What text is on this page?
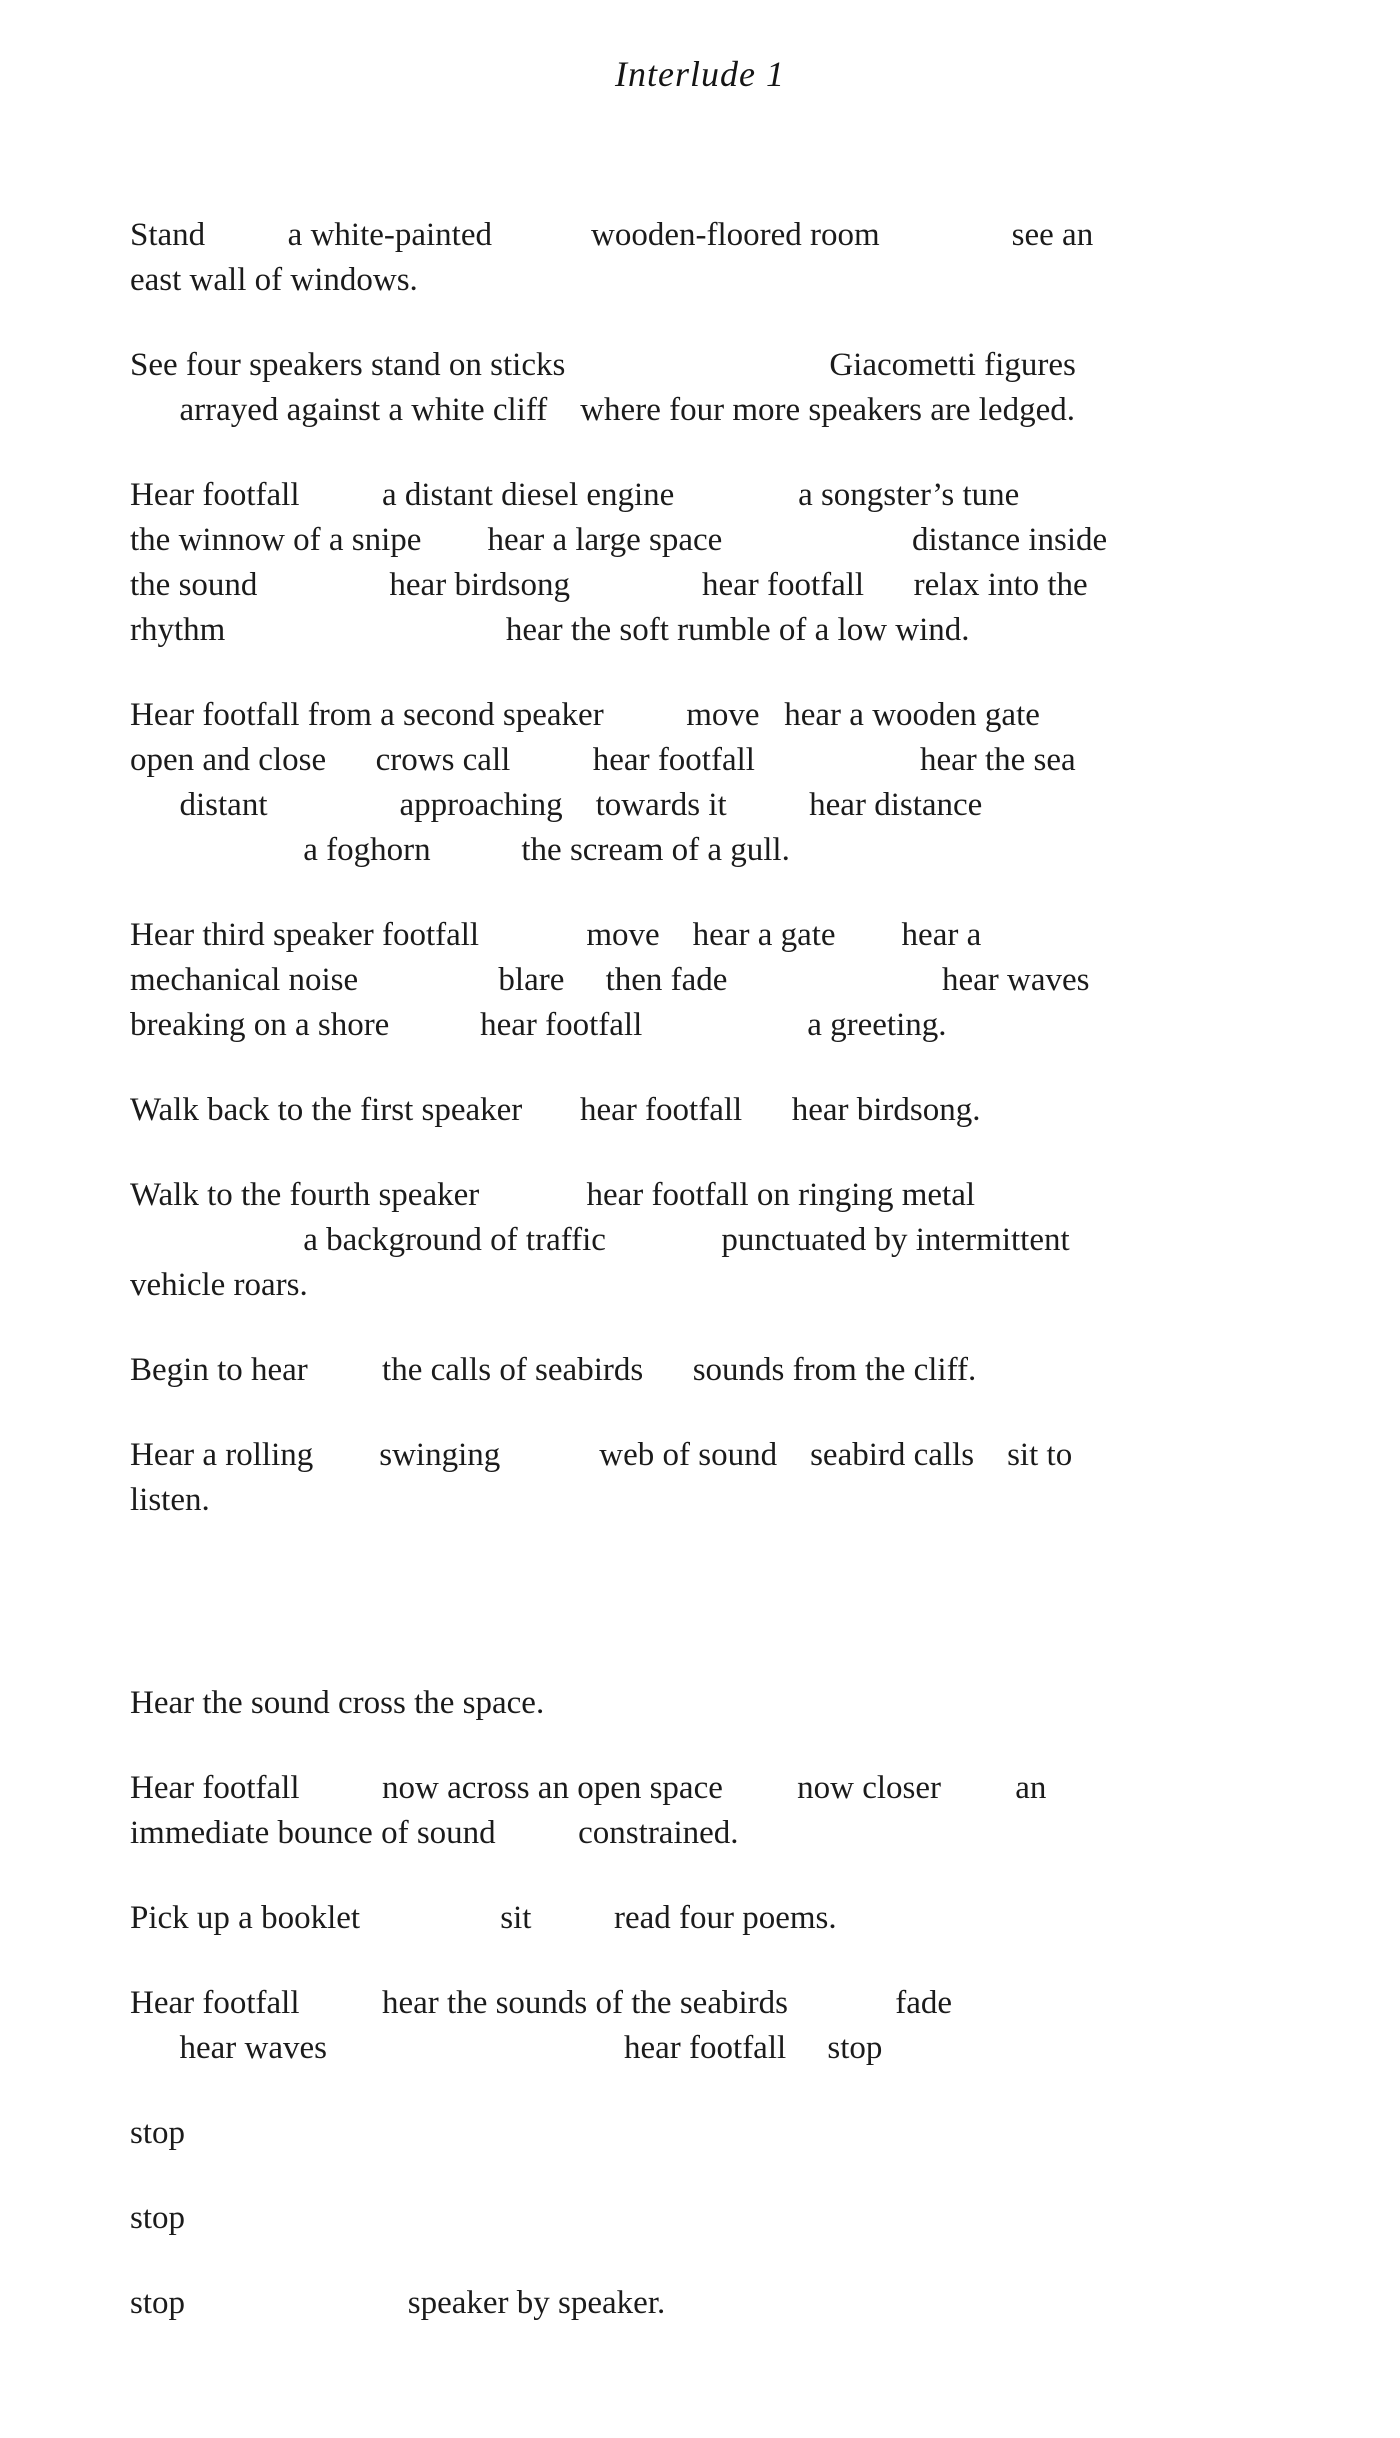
Interlude 1
Stand          a white-painted            wooden-floored room                see an
east wall of windows.
See four speakers stand on sticks                                Giacometti figures
arrayed against a white cliff    where four more speakers are ledged.
Hear footfall          a distant diesel engine               a songster’s tune
the winnow of a snipe        hear a large space                       distance inside
the sound                hear birdsong                hear footfall      relax into the
rhythm                                  hear the soft rumble of a low wind.
Hear footfall from a second speaker          move   hear a wooden gate
open and close      crows call          hear footfall                    hear the sea
distant                approaching    towards it          hear distance
a foghorn           the scream of a gull.
Hear third speaker footfall             move    hear a gate        hear a
mechanical noise                 blare     then fade                          hear waves
breaking on a shore           hear footfall                    a greeting.
Walk back to the first speaker       hear footfall      hear birdsong.
Walk to the fourth speaker             hear footfall on ringing metal
a background of traffic              punctuated by intermittent
vehicle roars.
Begin to hear         the calls of seabirds      sounds from the cliff.
Hear a rolling        swinging            web of sound    seabird calls    sit to
listen.
Hear the sound cross the space.
Hear footfall          now across an open space         now closer         an
immediate bounce of sound          constrained.
Pick up a booklet                 sit          read four poems.
Hear footfall          hear the sounds of the seabirds             fade
hear waves                                    hear footfall     stop
stop
stop
stop                           speaker by speaker.
